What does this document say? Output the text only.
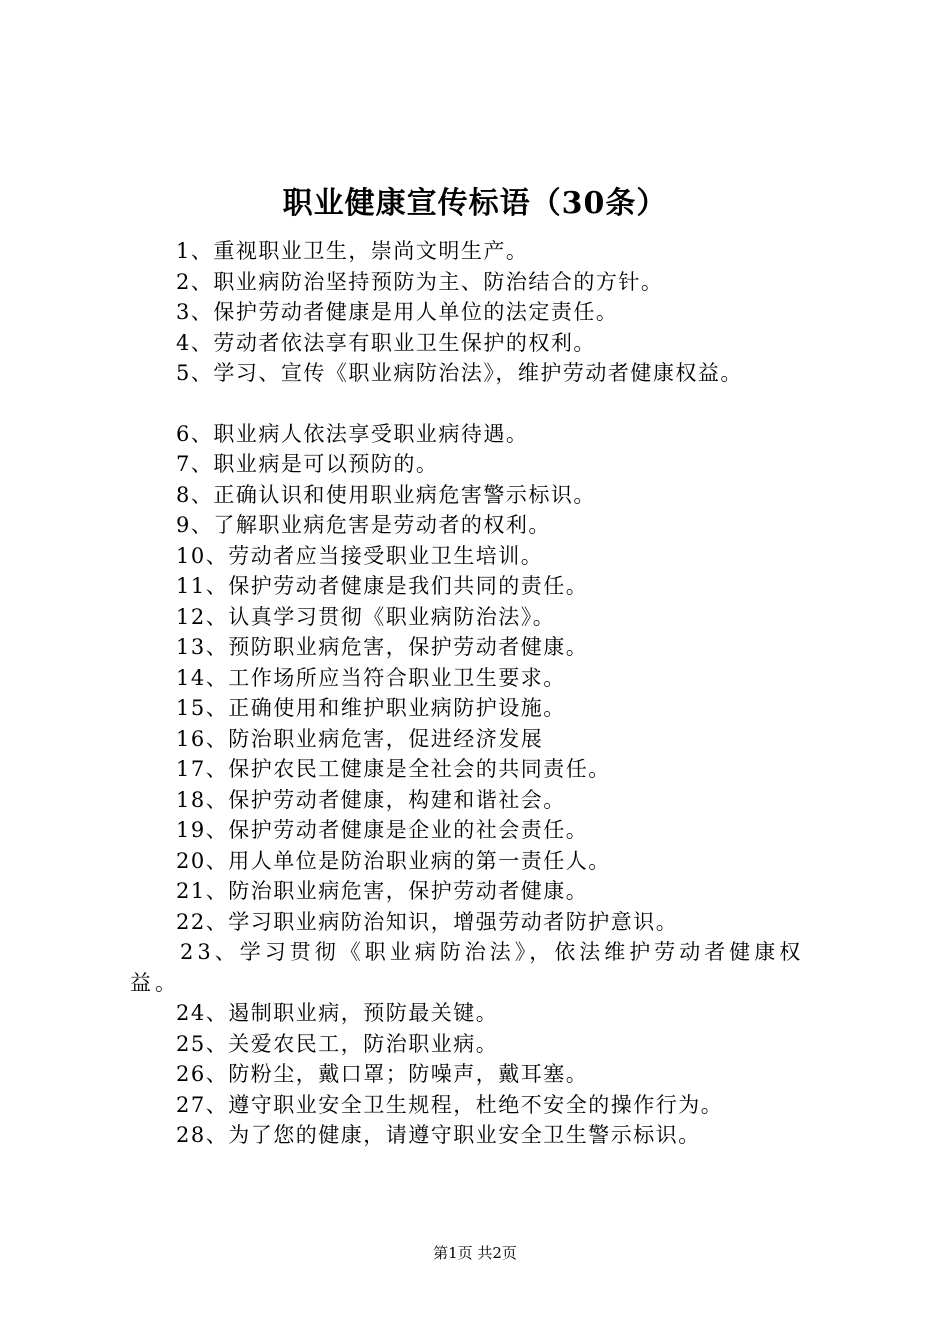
职业健康宣传标语（30条）
1、重视职业卫生，崇尚文明生产。
2、职业病防治坚持预防为主、防治结合的方针。
3、保护劳动者健康是用人单位的法定责任。
4、劳动者依法享有职业卫生保护的权利。
5、学习、宣传《职业病防治法》，维护劳动者健康权益。
6、职业病人依法享受职业病待遇。
7、职业病是可以预防的。
8、正确认识和使用职业病危害警示标识。
9、了解职业病危害是劳动者的权利。
10、劳动者应当接受职业卫生培训。
11、保护劳动者健康是我们共同的责任。
12、认真学习贯彻《职业病防治法》。
13、预防职业病危害，保护劳动者健康。
14、工作场所应当符合职业卫生要求。
15、正确使用和维护职业病防护设施。
16、防治职业病危害，促进经济发展
17、保护农民工健康是全社会的共同责任。
18、保护劳动者健康，构建和谐社会。
19、保护劳动者健康是企业的社会责任。
20、用人单位是防治职业病的第一责任人。
21、防治职业病危害，保护劳动者健康。
22、学习职业病防治知识，增强劳动者防护意识。
23、学习贯彻《职业病防治法》，依法维护劳动者健康权益。
24、遏制职业病，预防最关键。
25、关爱农民工，防治职业病。
26、防粉尘，戴口罩；防噪声，戴耳塞。
27、遵守职业安全卫生规程，杜绝不安全的操作行为。
28、为了您的健康，请遵守职业安全卫生警示标识。
第1页 共2页
